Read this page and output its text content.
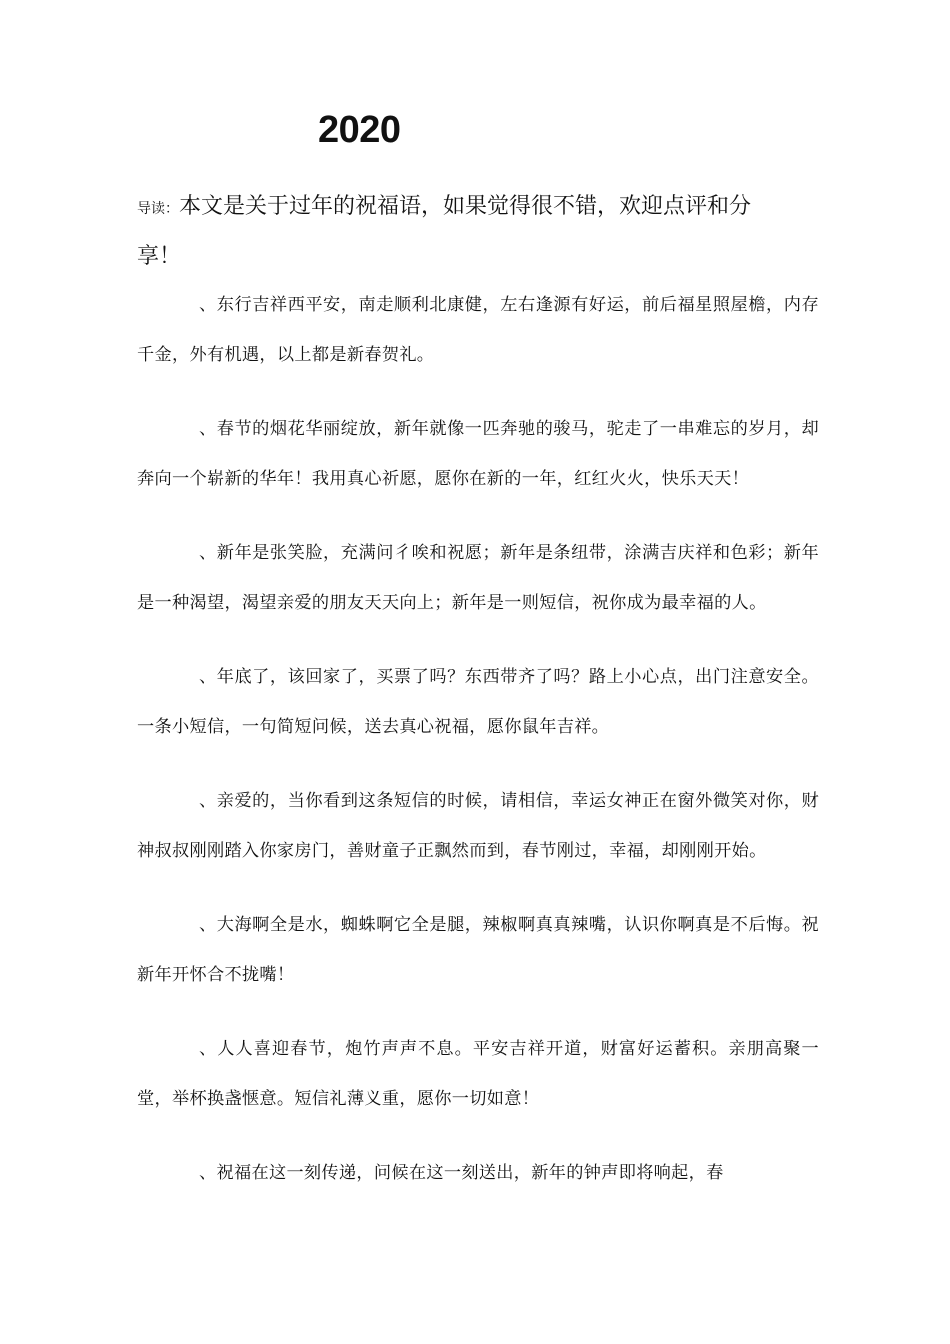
2020

导读：本文是关于过年的祝福语，如果觉得很不错，欢迎点评和分享！

、东行吉祥西平安，南走顺利北康健，左右逢源有好运，前后福星照屋檐，内存千金，外有机遇，以上都是新春贺礼。

、春节的烟花华丽绽放，新年就像一匹奔驰的骏马，驼走了一串难忘的岁月，却奔向一个崭新的华年！我用真心祈愿，愿你在新的一年，红红火火，快乐天天！

、新年是张笑脸，充满问彳唉和祝愿；新年是条纽带，涂满吉庆祥和色彩；新年是一种渴望，渴望亲爱的朋友天天向上；新年是一则短信，祝你成为最幸福的人。

、年底了，该回家了，买票了吗？东西带齐了吗？路上小心点，出门注意安全。一条小短信，一句简短问候，送去真心祝福，愿你鼠年吉祥。

、亲爱的，当你看到这条短信的时候，请相信，幸运女神正在窗外微笑对你，财神叔叔刚刚踏入你家房门，善财童子正飘然而到，春节刚过，幸福，却刚刚开始。

、大海啊全是水，蜘蛛啊它全是腿，辣椒啊真真辣嘴，认识你啊真是不后悔。祝新年开怀合不拢嘴！

、人人喜迎春节，炮竹声声不息。平安吉祥开道，财富好运蓄积。亲朋高聚一堂，举杯换盏惬意。短信礼薄义重，愿你一切如意！

、祝福在这一刻传递，问候在这一刻送出，新年的钟声即将响起，春
